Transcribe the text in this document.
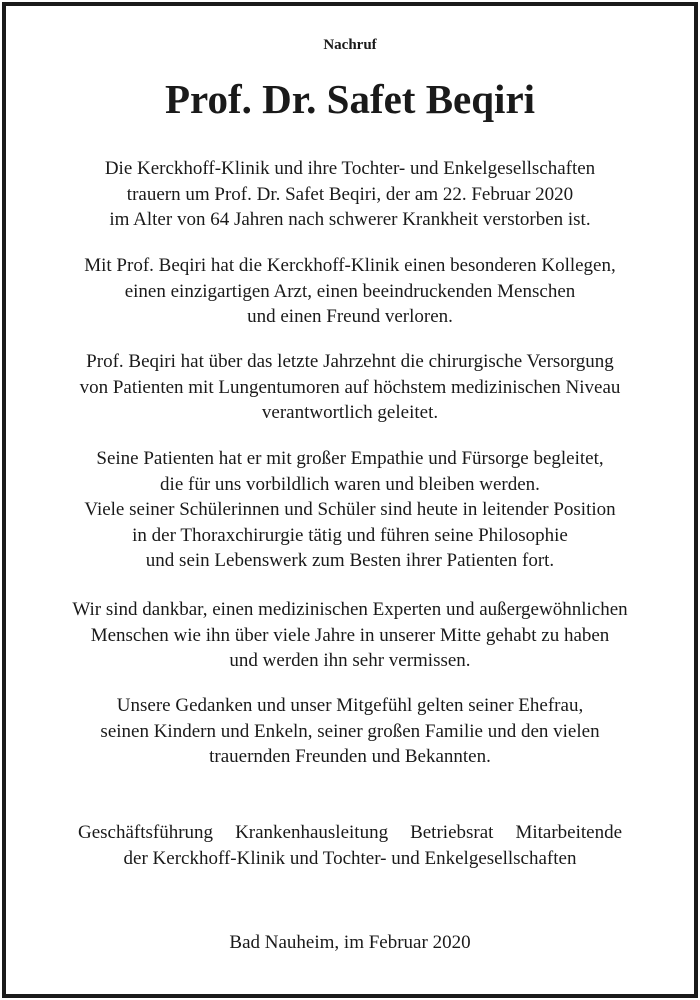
Nachruf
Prof. Dr. Safet Beqiri
Die Kerckhoff-Klinik und ihre Tochter- und Enkelgesellschaften
trauern um Prof. Dr. Safet Beqiri, der am 22. Februar 2020
im Alter von 64 Jahren nach schwerer Krankheit verstorben ist.
Mit Prof. Beqiri hat die Kerckhoff-Klinik einen besonderen Kollegen,
einen einzigartigen Arzt, einen beeindruckenden Menschen
und einen Freund verloren.
Prof. Beqiri hat über das letzte Jahrzehnt die chirurgische Versorgung
von Patienten mit Lungentumoren auf höchstem medizinischen Niveau
verantwortlich geleitet.
Seine Patienten hat er mit großer Empathie und Fürsorge begleitet,
die für uns vorbildlich waren und bleiben werden.
Viele seiner Schülerinnen und Schüler sind heute in leitender Position
in der Thoraxchirurgie tätig und führen seine Philosophie
und sein Lebenswerk zum Besten ihrer Patienten fort.
Wir sind dankbar, einen medizinischen Experten und außergewöhnlichen
Menschen wie ihn über viele Jahre in unserer Mitte gehabt zu haben
und werden ihn sehr vermissen.
Unsere Gedanken und unser Mitgefühl gelten seiner Ehefrau,
seinen Kindern und Enkeln, seiner großen Familie und den vielen
trauernden Freunden und Bekannten.
Geschäftsführung Krankenhausleitung Betriebsrat Mitarbeitende
der Kerckhoff-Klinik und Tochter- und Enkelgesellschaften
Bad Nauheim, im Februar 2020
